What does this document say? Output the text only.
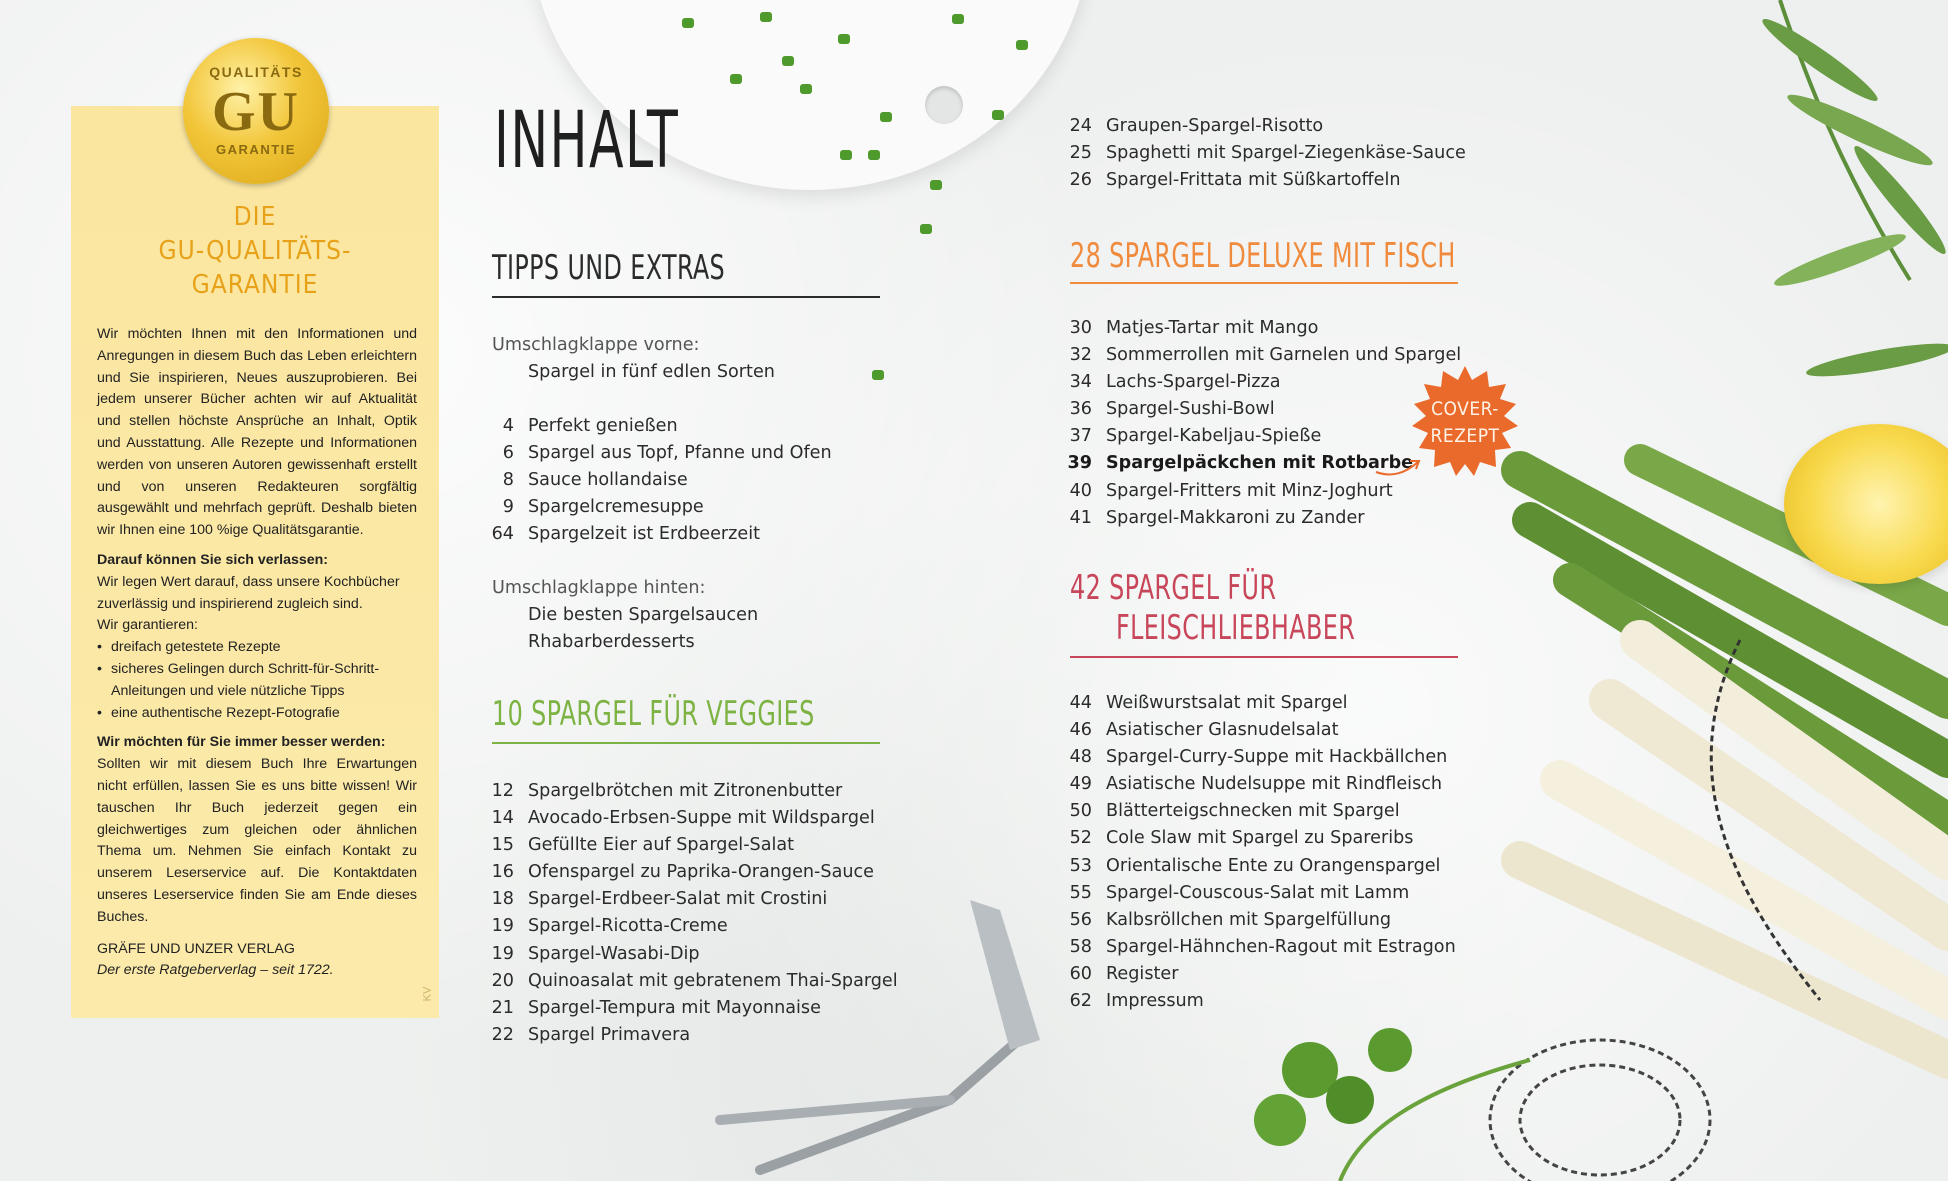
QUALITÄTS
GU
GARANTIE
DIE
GU-QUALITÄTS-
GARANTIE

Wir möchten Ihnen mit den Informationen und Anregungen in diesem Buch das Leben erleichtern und Sie inspirieren, Neues auszuprobieren. Bei jedem unserer Bücher achten wir auf Aktualität und stellen höchste Ansprüche an Inhalt, Optik und Ausstattung. Alle Rezepte und Informationen werden von unseren Autoren gewissenhaft erstellt und von unseren Redakteuren sorgfältig ausgewählt und mehrfach geprüft. Deshalb bieten wir Ihnen eine 100 %ige Qualitätsgarantie.

Darauf können Sie sich verlassen:
Wir legen Wert darauf, dass unsere Kochbücher zuverlässig und inspirierend zugleich sind.
Wir garantieren:
• dreifach getestete Rezepte
• sicheres Gelingen durch Schritt-für-Schritt-Anleitungen und viele nützliche Tipps
• eine authentische Rezept-Fotografie
Wir möchten für Sie immer besser werden:

Sollten wir mit diesem Buch Ihre Erwartungen nicht erfüllen, lassen Sie es uns bitte wissen! Wir tauschen Ihr Buch jederzeit gegen ein gleichwertiges zum gleichen oder ähnlichen Thema um. Nehmen Sie einfach Kontakt zu unserem Leserservice auf. Die Kontaktdaten unseres Leserservice finden Sie am Ende dieses Buches.

GRÄFE UND UNZER VERLAG
Der erste Ratgeberverlag – seit 1722.
KV
INHALT
TIPPS UND EXTRAS
Umschlagklappe vorne:
Spargel in fünf edlen Sorten
4 Perfekt genießen
6 Spargel aus Topf, Pfanne und Ofen
8 Sauce hollandaise
9 Spargelcremesuppe
64 Spargelzeit ist Erdbeerzeit
Umschlagklappe hinten:
Die besten Spargelsaucen
Rhabarberdesserts
10 SPARGEL FÜR VEGGIES
12 Spargelbrötchen mit Zitronenbutter
14 Avocado-Erbsen-Suppe mit Wildspargel
15 Gefüllte Eier auf Spargel-Salat
16 Ofenspargel zu Paprika-Orangen-Sauce
18 Spargel-Erdbeer-Salat mit Crostini
19 Spargel-Ricotta-Creme
19 Spargel-Wasabi-Dip
20 Quinoasalat mit gebratenem Thai-Spargel
21 Spargel-Tempura mit Mayonnaise
22 Spargel Primavera
24 Graupen-Spargel-Risotto
25 Spaghetti mit Spargel-Ziegenkäse-Sauce
26 Spargel-Frittata mit Süßkartoffeln
28 SPARGEL DELUXE MIT FISCH
30 Matjes-Tartar mit Mango
32 Sommerrollen mit Garnelen und Spargel
34 Lachs-Spargel-Pizza
36 Spargel-Sushi-Bowl
37 Spargel-Kabeljau-Spieße
39 Spargelpäckchen mit Rotbarbe
40 Spargel-Fritters mit Minz-Joghurt
41 Spargel-Makkaroni zu Zander
COVER-
REZEPT
42 SPARGEL FÜR
FLEISCHLIEBHABER
44 Weißwurstsalat mit Spargel
46 Asiatischer Glasnudelsalat
48 Spargel-Curry-Suppe mit Hackbällchen
49 Asiatische Nudelsuppe mit Rindfleisch
50 Blätterteigschnecken mit Spargel
52 Cole Slaw mit Spargel zu Spareribs
53 Orientalische Ente zu Orangenspargel
55 Spargel-Couscous-Salat mit Lamm
56 Kalbsröllchen mit Spargelfüllung
58 Spargel-Hähnchen-Ragout mit Estragon
60 Register
62 Impressum
